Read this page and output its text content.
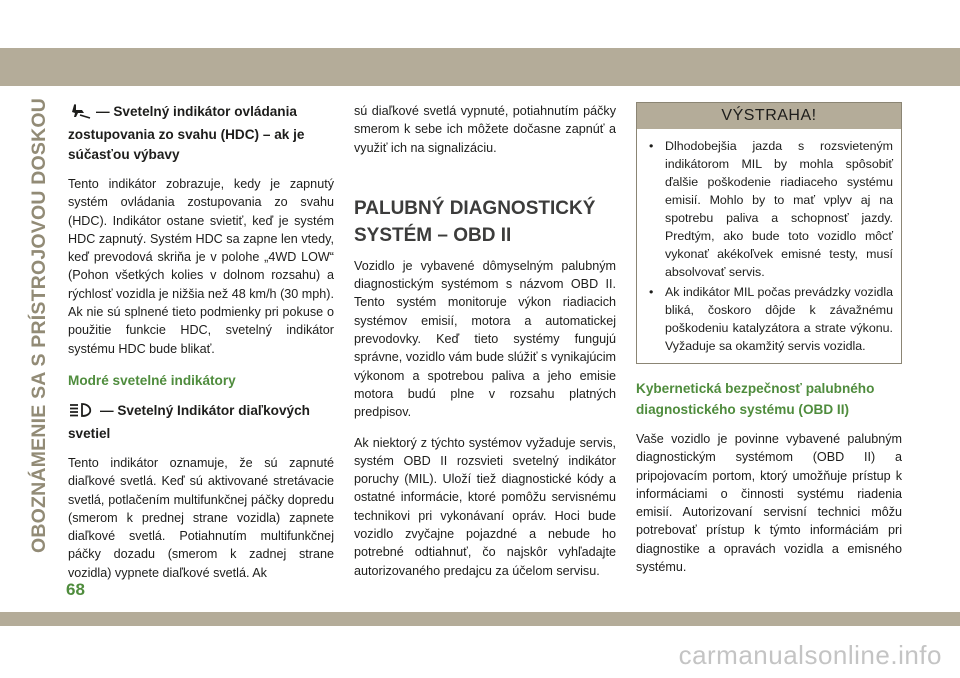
OBOZNÁMENIE SA S PRÍSTROJOVOU DOSKOU	— Svetelný indikátor ovládania zostupovania zo svahu (HDC) – ak je súčasťou výbavy

Tento indikátor zobrazuje, kedy je zapnutý systém ovládania zostupovania zo svahu (HDC). Indikátor ostane svietiť, keď je systém HDC zapnutý. Systém HDC sa zapne len vtedy, keď prevodová skriňa je v polohe „4WD LOW“ (Pohon všetkých kolies v dolnom rozsahu) a rýchlosť vozidla je nižšia než 48 km/h (30 mph). Ak nie sú splnené tieto podmienky pri pokuse o použitie funkcie HDC, svetelný indikátor systému HDC bude blikať.

Modré svetelné indikátory
— Svetelný Indikátor diaľkových svetiel

Tento indikátor oznamuje, že sú zapnuté diaľkové svetlá. Keď sú aktivované stretávacie svetlá, potlačením multifunkčnej páčky dopredu (smerom k prednej strane vozidla) zapnete diaľkové svetlá. Potiahnutím multifunkčnej páčky dozadu (smerom k zadnej strane vozidla) vypnete diaľkové svetlá. Ak

sú diaľkové svetlá vypnuté, potiahnutím páčky smerom k sebe ich môžete dočasne zapnúť a využiť ich na signalizáciu.

PALUBNÝ DIAGNOSTICKÝ SYSTÉM – OBD II

Vozidlo je vybavené dômyselným palubným diagnostickým systémom s názvom OBD II. Tento systém monitoruje výkon riadiacich systémov emisií, motora a automatickej prevodovky. Keď tieto systémy fungujú správne, vozidlo vám bude slúžiť s vynikajúcim výkonom a spotrebou paliva a jeho emisie motora budú plne v rozsahu platných predpisov.

Ak niektorý z týchto systémov vyžaduje servis, systém OBD II rozsvieti svetelný indikátor poruchy (MIL). Uloží tiež diagnostické kódy a ostatné informácie, ktoré pomôžu servisnému technikovi pri vykonávaní opráv. Hoci bude vozidlo zvyčajne pojazdné a nebude ho potrebné odtiahnuť, čo najskôr vyhľadajte autorizovaného predajcu za účelom servisu.

VÝSTRAHA!
• Dlhodobejšia jazda s rozsvieteným indikátorom MIL by mohla spôsobiť ďalšie poškodenie riadiaceho systému emisií. Mohlo by to mať vplyv aj na spotrebu paliva a schopnosť jazdy. Predtým, ako bude toto vozidlo môcť vykonať akékoľvek emisné testy, musí absolvovať servis.
• Ak indikátor MIL počas prevádzky vozidla bliká, čoskoro dôjde k závažnému poškodeniu katalyzátora a strate výkonu. Vyžaduje sa okamžitý servis vozidla.
Kybernetická bezpečnosť palubného diagnostického systému (OBD II)

Vaše vozidlo je povinne vybavené palubným diagnostickým systémom (OBD II) a pripojovacím portom, ktorý umožňuje prístup k informáciami o činnosti systému riadenia emisií. Autorizovaní servisní technici môžu potrebovať prístup k týmto informáciám pri diagnostike a opravách vozidla a emisného systému.

68
carmanualsonline.info
